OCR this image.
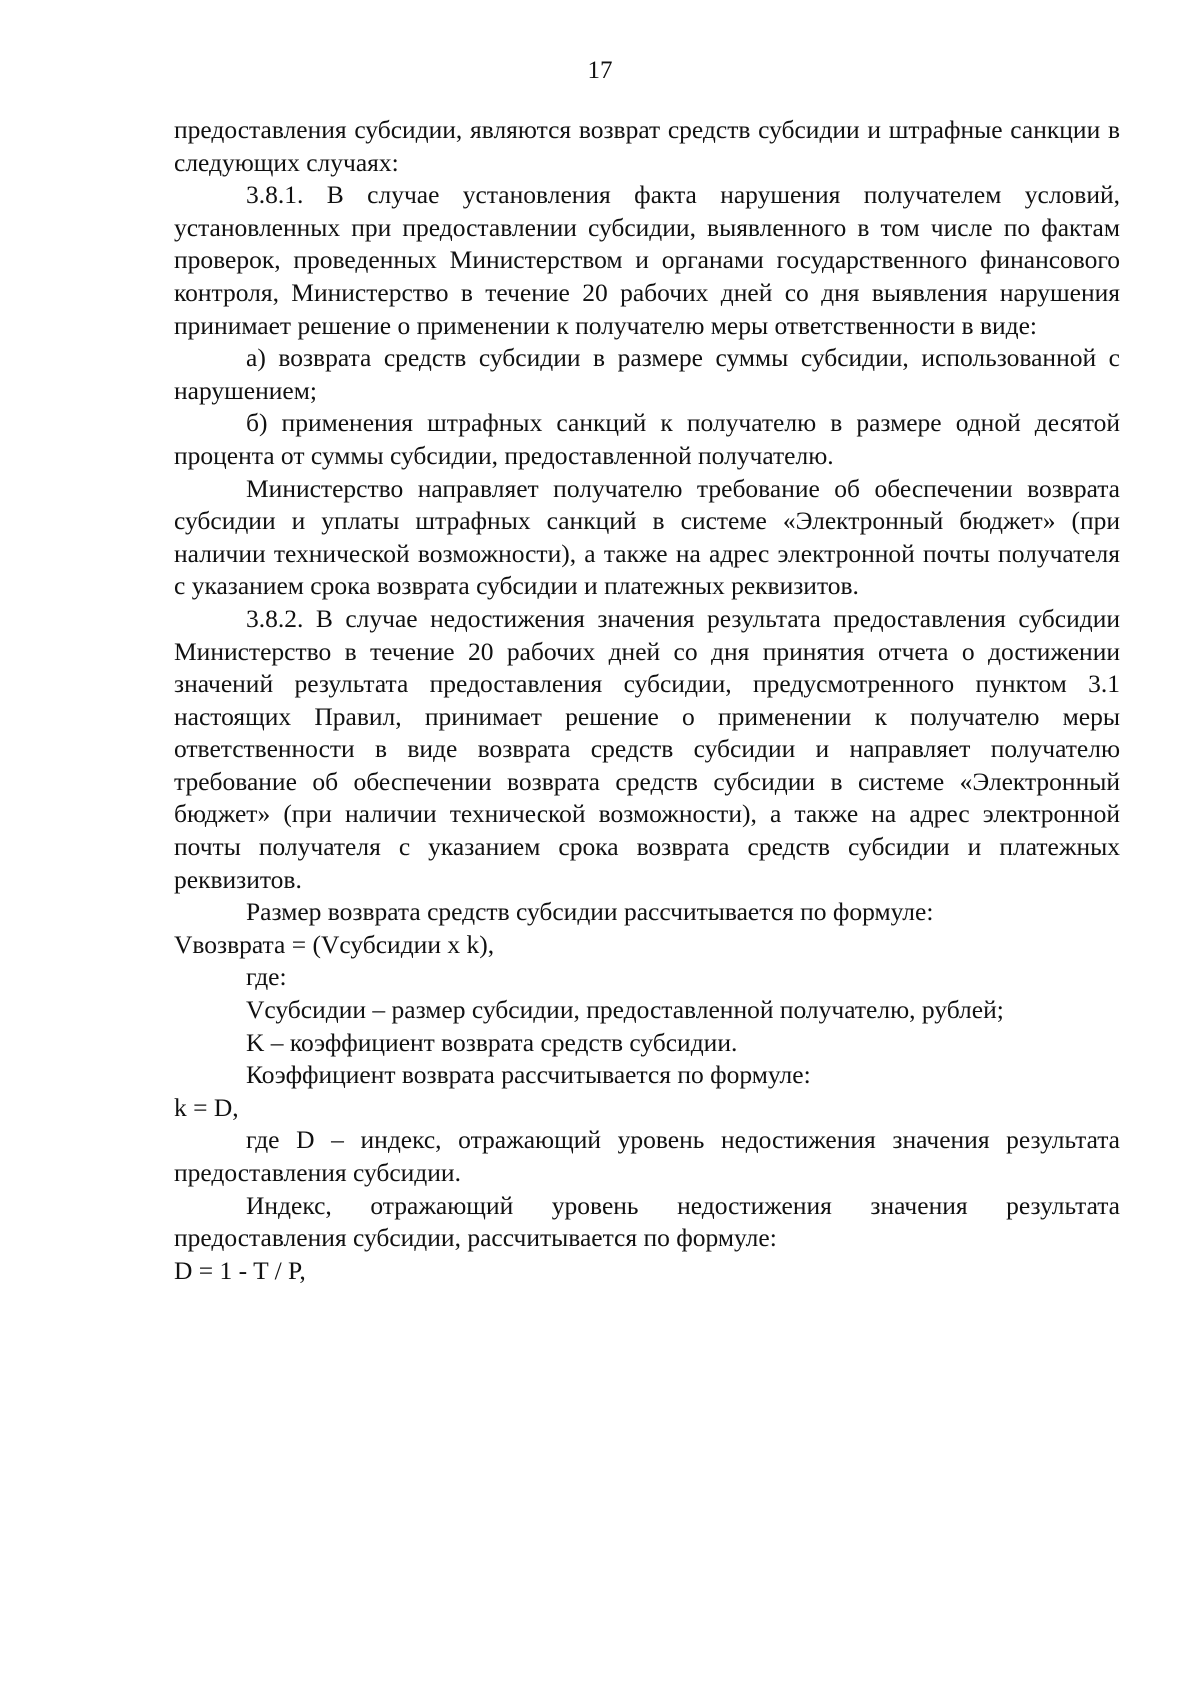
17

предоставления субсидии, являются возврат средств субсидии и штрафные санкции в следующих случаях:

3.8.1. В случае установления факта нарушения получателем условий, установленных при предоставлении субсидии, выявленного в том числе по фактам проверок, проведенных Министерством и органами государственного финансового контроля, Министерство в течение 20 рабочих дней со дня выявления нарушения принимает решение о применении к получателю меры ответственности в виде:

а) возврата средств субсидии в размере суммы субсидии, использованной с нарушением;

б) применения штрафных санкций к получателю в размере одной десятой процента от суммы субсидии, предоставленной получателю.

Министерство направляет получателю требование об обеспечении возврата субсидии и уплаты штрафных санкций в системе «Электронный бюджет» (при наличии технической возможности), а также на адрес электронной почты получателя с указанием срока возврата субсидии и платежных реквизитов.

3.8.2. В случае недостижения значения результата предоставления субсидии Министерство в течение 20 рабочих дней со дня принятия отчета о достижении значений результата предоставления субсидии, предусмотренного пунктом 3.1 настоящих Правил, принимает решение о применении к получателю меры ответственности в виде возврата средств субсидии и направляет получателю требование об обеспечении возврата средств субсидии в системе «Электронный бюджет» (при наличии технической возможности), а также на адрес электронной почты получателя с указанием срока возврата средств субсидии и платежных реквизитов.

Размер возврата средств субсидии рассчитывается по формуле:

Vвозврата = (Vсубсидии x k),

где:

Vсубсидии – размер субсидии, предоставленной получателю, рублей;

K – коэффициент возврата средств субсидии.

Коэффициент возврата рассчитывается по формуле:

k = D,

где D – индекс, отражающий уровень недостижения значения результата предоставления субсидии.

Индекс, отражающий уровень недостижения значения результата предоставления субсидии, рассчитывается по формуле:

D = 1 - T / P,
